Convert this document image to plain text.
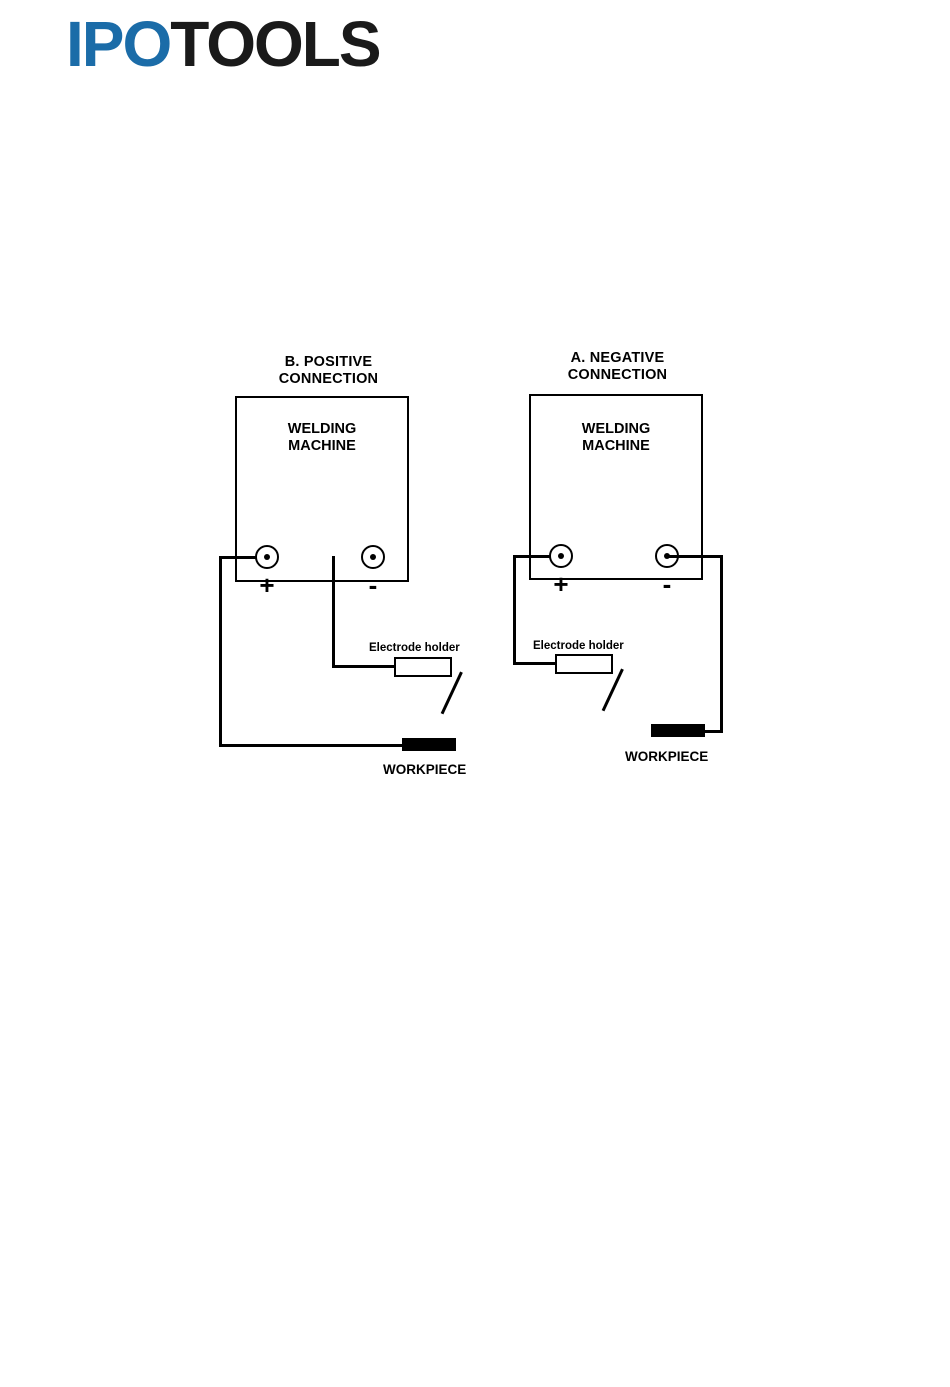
IPO TOOLS
B. POSITIVE
CONNECTION
WELDING
MACHINE
+	-
Electrode holder
WORKPIECE
A. NEGATIVE
CONNECTION
WELDING
MACHINE
+	-
Electrode holder
WORKPIECE
